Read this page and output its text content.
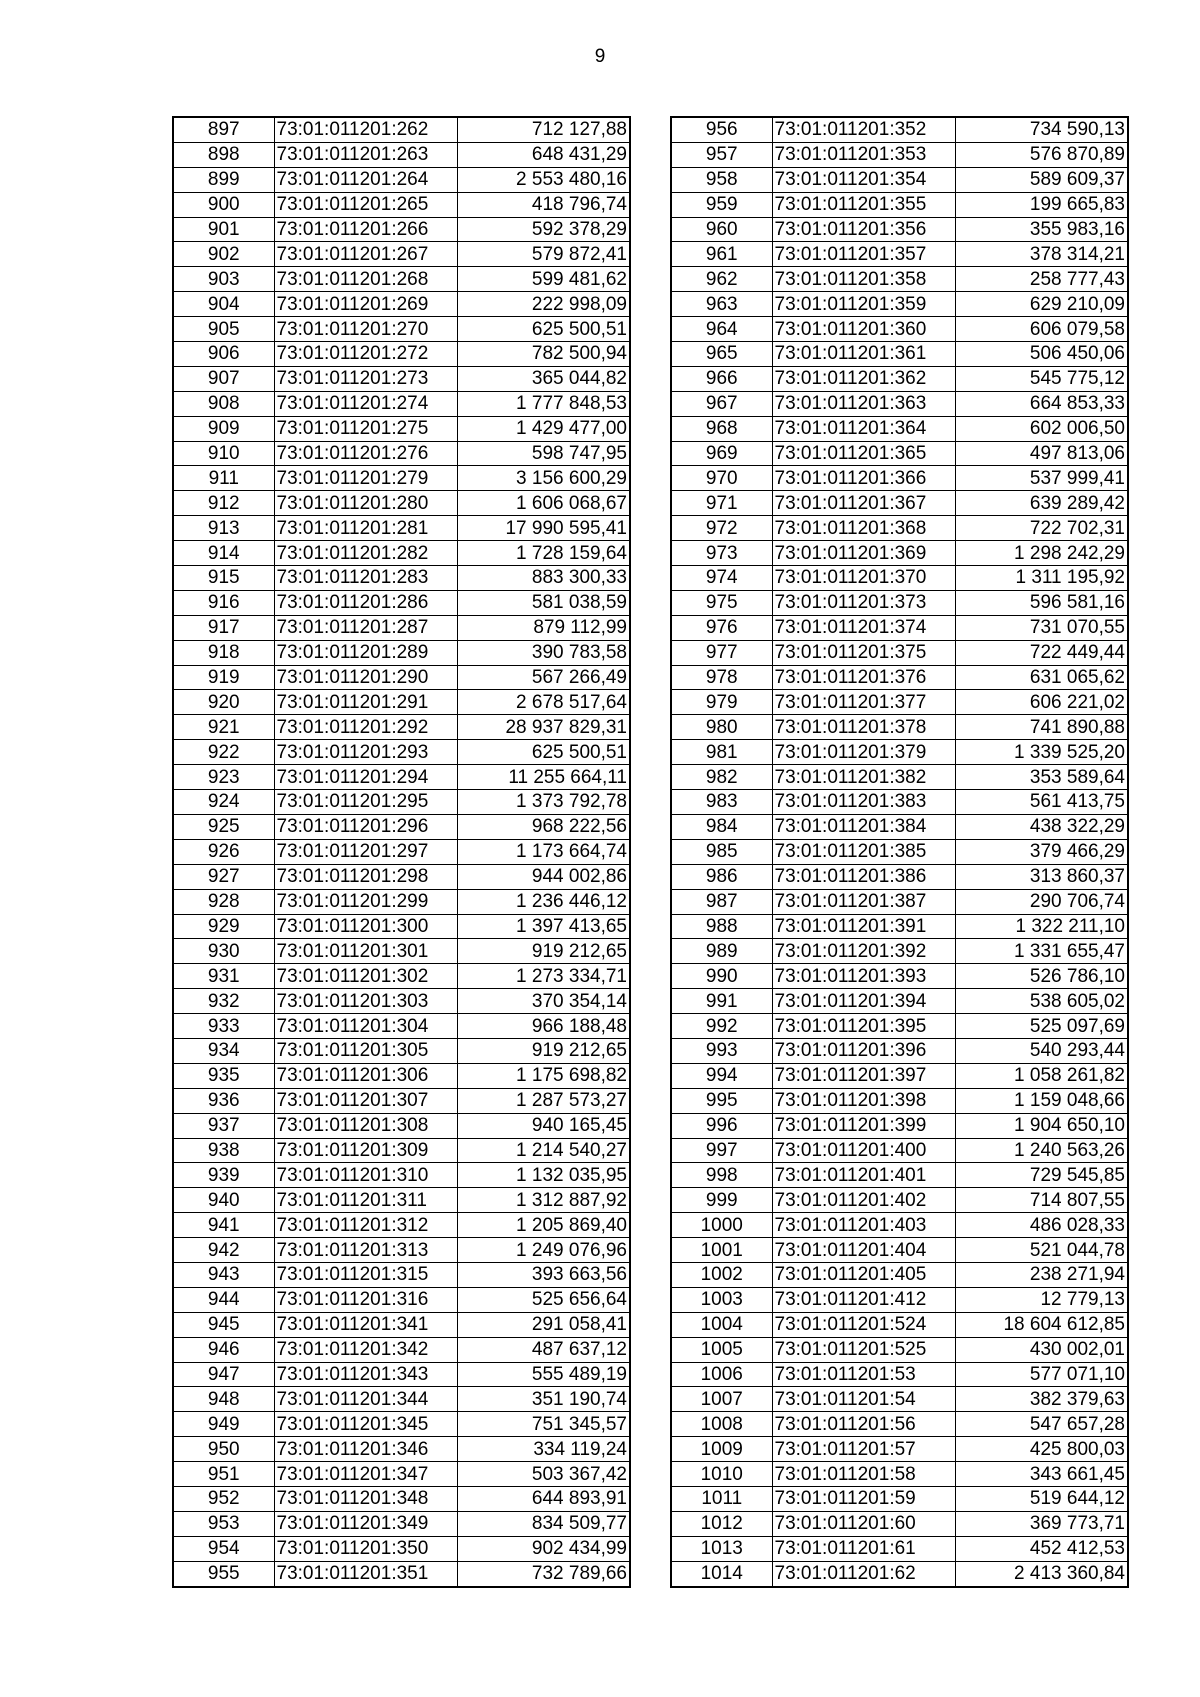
9
897	73:01:011201:262	712 127,88
898	73:01:011201:263	648 431,29
899	73:01:011201:264	2 553 480,16
900	73:01:011201:265	418 796,74
901	73:01:011201:266	592 378,29
902	73:01:011201:267	579 872,41
903	73:01:011201:268	599 481,62
904	73:01:011201:269	222 998,09
905	73:01:011201:270	625 500,51
906	73:01:011201:272	782 500,94
907	73:01:011201:273	365 044,82
908	73:01:011201:274	1 777 848,53
909	73:01:011201:275	1 429 477,00
910	73:01:011201:276	598 747,95
911	73:01:011201:279	3 156 600,29
912	73:01:011201:280	1 606 068,67
913	73:01:011201:281	17 990 595,41
914	73:01:011201:282	1 728 159,64
915	73:01:011201:283	883 300,33
916	73:01:011201:286	581 038,59
917	73:01:011201:287	879 112,99
918	73:01:011201:289	390 783,58
919	73:01:011201:290	567 266,49
920	73:01:011201:291	2 678 517,64
921	73:01:011201:292	28 937 829,31
922	73:01:011201:293	625 500,51
923	73:01:011201:294	11 255 664,11
924	73:01:011201:295	1 373 792,78
925	73:01:011201:296	968 222,56
926	73:01:011201:297	1 173 664,74
927	73:01:011201:298	944 002,86
928	73:01:011201:299	1 236 446,12
929	73:01:011201:300	1 397 413,65
930	73:01:011201:301	919 212,65
931	73:01:011201:302	1 273 334,71
932	73:01:011201:303	370 354,14
933	73:01:011201:304	966 188,48
934	73:01:011201:305	919 212,65
935	73:01:011201:306	1 175 698,82
936	73:01:011201:307	1 287 573,27
937	73:01:011201:308	940 165,45
938	73:01:011201:309	1 214 540,27
939	73:01:011201:310	1 132 035,95
940	73:01:011201:311	1 312 887,92
941	73:01:011201:312	1 205 869,40
942	73:01:011201:313	1 249 076,96
943	73:01:011201:315	393 663,56
944	73:01:011201:316	525 656,64
945	73:01:011201:341	291 058,41
946	73:01:011201:342	487 637,12
947	73:01:011201:343	555 489,19
948	73:01:011201:344	351 190,74
949	73:01:011201:345	751 345,57
950	73:01:011201:346	334 119,24
951	73:01:011201:347	503 367,42
952	73:01:011201:348	644 893,91
953	73:01:011201:349	834 509,77
954	73:01:011201:350	902 434,99
955	73:01:011201:351	732 789,66
956	73:01:011201:352	734 590,13
957	73:01:011201:353	576 870,89
958	73:01:011201:354	589 609,37
959	73:01:011201:355	199 665,83
960	73:01:011201:356	355 983,16
961	73:01:011201:357	378 314,21
962	73:01:011201:358	258 777,43
963	73:01:011201:359	629 210,09
964	73:01:011201:360	606 079,58
965	73:01:011201:361	506 450,06
966	73:01:011201:362	545 775,12
967	73:01:011201:363	664 853,33
968	73:01:011201:364	602 006,50
969	73:01:011201:365	497 813,06
970	73:01:011201:366	537 999,41
971	73:01:011201:367	639 289,42
972	73:01:011201:368	722 702,31
973	73:01:011201:369	1 298 242,29
974	73:01:011201:370	1 311 195,92
975	73:01:011201:373	596 581,16
976	73:01:011201:374	731 070,55
977	73:01:011201:375	722 449,44
978	73:01:011201:376	631 065,62
979	73:01:011201:377	606 221,02
980	73:01:011201:378	741 890,88
981	73:01:011201:379	1 339 525,20
982	73:01:011201:382	353 589,64
983	73:01:011201:383	561 413,75
984	73:01:011201:384	438 322,29
985	73:01:011201:385	379 466,29
986	73:01:011201:386	313 860,37
987	73:01:011201:387	290 706,74
988	73:01:011201:391	1 322 211,10
989	73:01:011201:392	1 331 655,47
990	73:01:011201:393	526 786,10
991	73:01:011201:394	538 605,02
992	73:01:011201:395	525 097,69
993	73:01:011201:396	540 293,44
994	73:01:011201:397	1 058 261,82
995	73:01:011201:398	1 159 048,66
996	73:01:011201:399	1 904 650,10
997	73:01:011201:400	1 240 563,26
998	73:01:011201:401	729 545,85
999	73:01:011201:402	714 807,55
1000	73:01:011201:403	486 028,33
1001	73:01:011201:404	521 044,78
1002	73:01:011201:405	238 271,94
1003	73:01:011201:412	12 779,13
1004	73:01:011201:524	18 604 612,85
1005	73:01:011201:525	430 002,01
1006	73:01:011201:53	577 071,10
1007	73:01:011201:54	382 379,63
1008	73:01:011201:56	547 657,28
1009	73:01:011201:57	425 800,03
1010	73:01:011201:58	343 661,45
1011	73:01:011201:59	519 644,12
1012	73:01:011201:60	369 773,71
1013	73:01:011201:61	452 412,53
1014	73:01:011201:62	2 413 360,84
